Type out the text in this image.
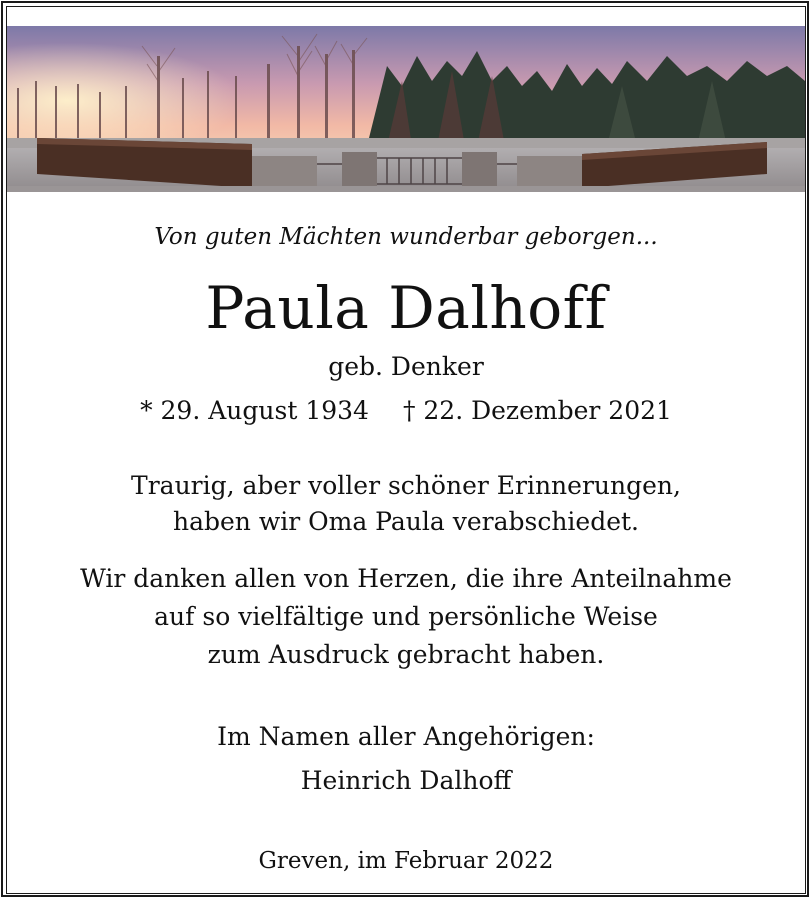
Von guten Mächten wunderbar geborgen...
Paula Dalhoff
geb. Denker
* 29. August 1934 † 22. Dezember 2021
Traurig, aber voller schöner Erinnerungen,
haben wir Oma Paula verabschiedet.
Wir danken allen von Herzen, die ihre Anteilnahme
auf so vielfältige und persönliche Weise
zum Ausdruck gebracht haben.
Im Namen aller Angehörigen:
Heinrich Dalhoff
Greven, im Februar 2022
